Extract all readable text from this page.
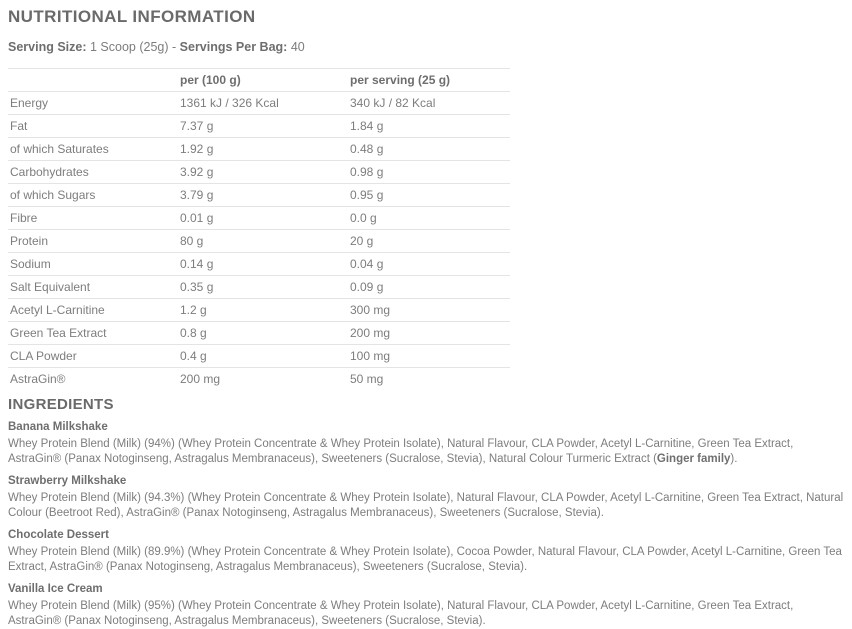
NUTRITIONAL INFORMATION

Serving Size: 1 Scoop (25g) - Servings Per Bag: 40

	per (100 g)	per serving (25 g)
Energy	1361 kJ / 326 Kcal	340 kJ / 82 Kcal
Fat	7.37 g	1.84 g
of which Saturates	1.92 g	0.48 g
Carbohydrates	3.92 g	0.98 g
of which Sugars	3.79 g	0.95 g
Fibre	0.01 g	0.0 g
Protein	80 g	20 g
Sodium	0.14 g	0.04 g
Salt Equivalent	0.35 g	0.09 g
Acetyl L-Carnitine	1.2 g	300 mg
Green Tea Extract	0.8 g	200 mg
CLA Powder	0.4 g	100 mg
AstraGin®	200 mg	50 mg
INGREDIENTS
Banana Milkshake

Whey Protein Blend (Milk) (94%) (Whey Protein Concentrate & Whey Protein Isolate), Natural Flavour, CLA Powder, Acetyl L-Carnitine, Green Tea Extract, AstraGin® (Panax Notoginseng, Astragalus Membranaceus), Sweeteners (Sucralose, Stevia), Natural Colour Turmeric Extract (Ginger family).

Strawberry Milkshake

Whey Protein Blend (Milk) (94.3%) (Whey Protein Concentrate & Whey Protein Isolate), Natural Flavour, CLA Powder, Acetyl L-Carnitine, Green Tea Extract, Natural Colour (Beetroot Red), AstraGin® (Panax Notoginseng, Astragalus Membranaceus), Sweeteners (Sucralose, Stevia).

Chocolate Dessert

Whey Protein Blend (Milk) (89.9%) (Whey Protein Concentrate & Whey Protein Isolate), Cocoa Powder, Natural Flavour, CLA Powder, Acetyl L-Carnitine, Green Tea Extract, AstraGin® (Panax Notoginseng, Astragalus Membranaceus), Sweeteners (Sucralose, Stevia).

Vanilla Ice Cream

Whey Protein Blend (Milk) (95%) (Whey Protein Concentrate & Whey Protein Isolate), Natural Flavour, CLA Powder, Acetyl L-Carnitine, Green Tea Extract, AstraGin® (Panax Notoginseng, Astragalus Membranaceus), Sweeteners (Sucralose, Stevia).
